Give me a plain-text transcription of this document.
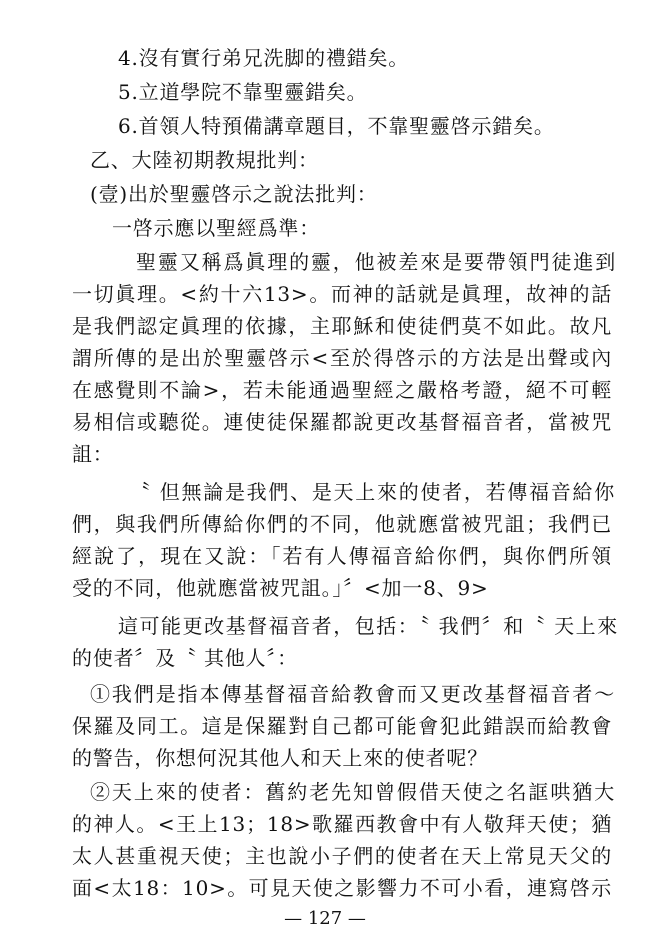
4.沒有實行弟兄洗脚的禮錯矣。
5.立道學院不靠聖靈錯矣。
6.首領人特預備講章題目，不靠聖靈啓示錯矣。
乙、大陸初期教規批判：
(壹)出於聖靈啓示之說法批判：
一啓示應以聖經爲準：
聖靈又稱爲眞理的靈，他被差來是要帶領門徒進到
一切眞理。<約十六13>。而神的話就是眞理，故神的話
是我們認定眞理的依據，主耶穌和使徒們莫不如此。故凡
謂所傳的是出於聖靈啓示<至於得啓示的方法是出聲或內
在感覺則不論>，若未能通過聖經之嚴格考證，絕不可輕
易相信或聽從。連使徒保羅都說更改基督福音者，當被咒
詛：
〝 但無論是我們、是天上來的使者，若傳福音給你
們，與我們所傳給你們的不同，他就應當被咒詛；我們已
經說了，現在又說：「若有人傳福音給你們，與你們所領
受的不同，他就應當被咒詛。」〞<加一8、9>
這可能更改基督福音者，包括：〝 我們〞和〝 天上來
的使者〞及〝 其他人〞：
①我們是指本傳基督福音給教會而又更改基督福音者～
保羅及同工。這是保羅對自己都可能會犯此錯誤而給教會
的警告，你想何況其他人和天上來的使者呢？
②天上來的使者：舊約老先知曾假借天使之名誆哄猶大
的神人。<王上13；18>歌羅西教會中有人敬拜天使；猶
太人甚重視天使；主也說小子們的使者在天上常見天父的
面<太18：10>。可見天使之影響力不可小看，連寫啓示
— 127 —
